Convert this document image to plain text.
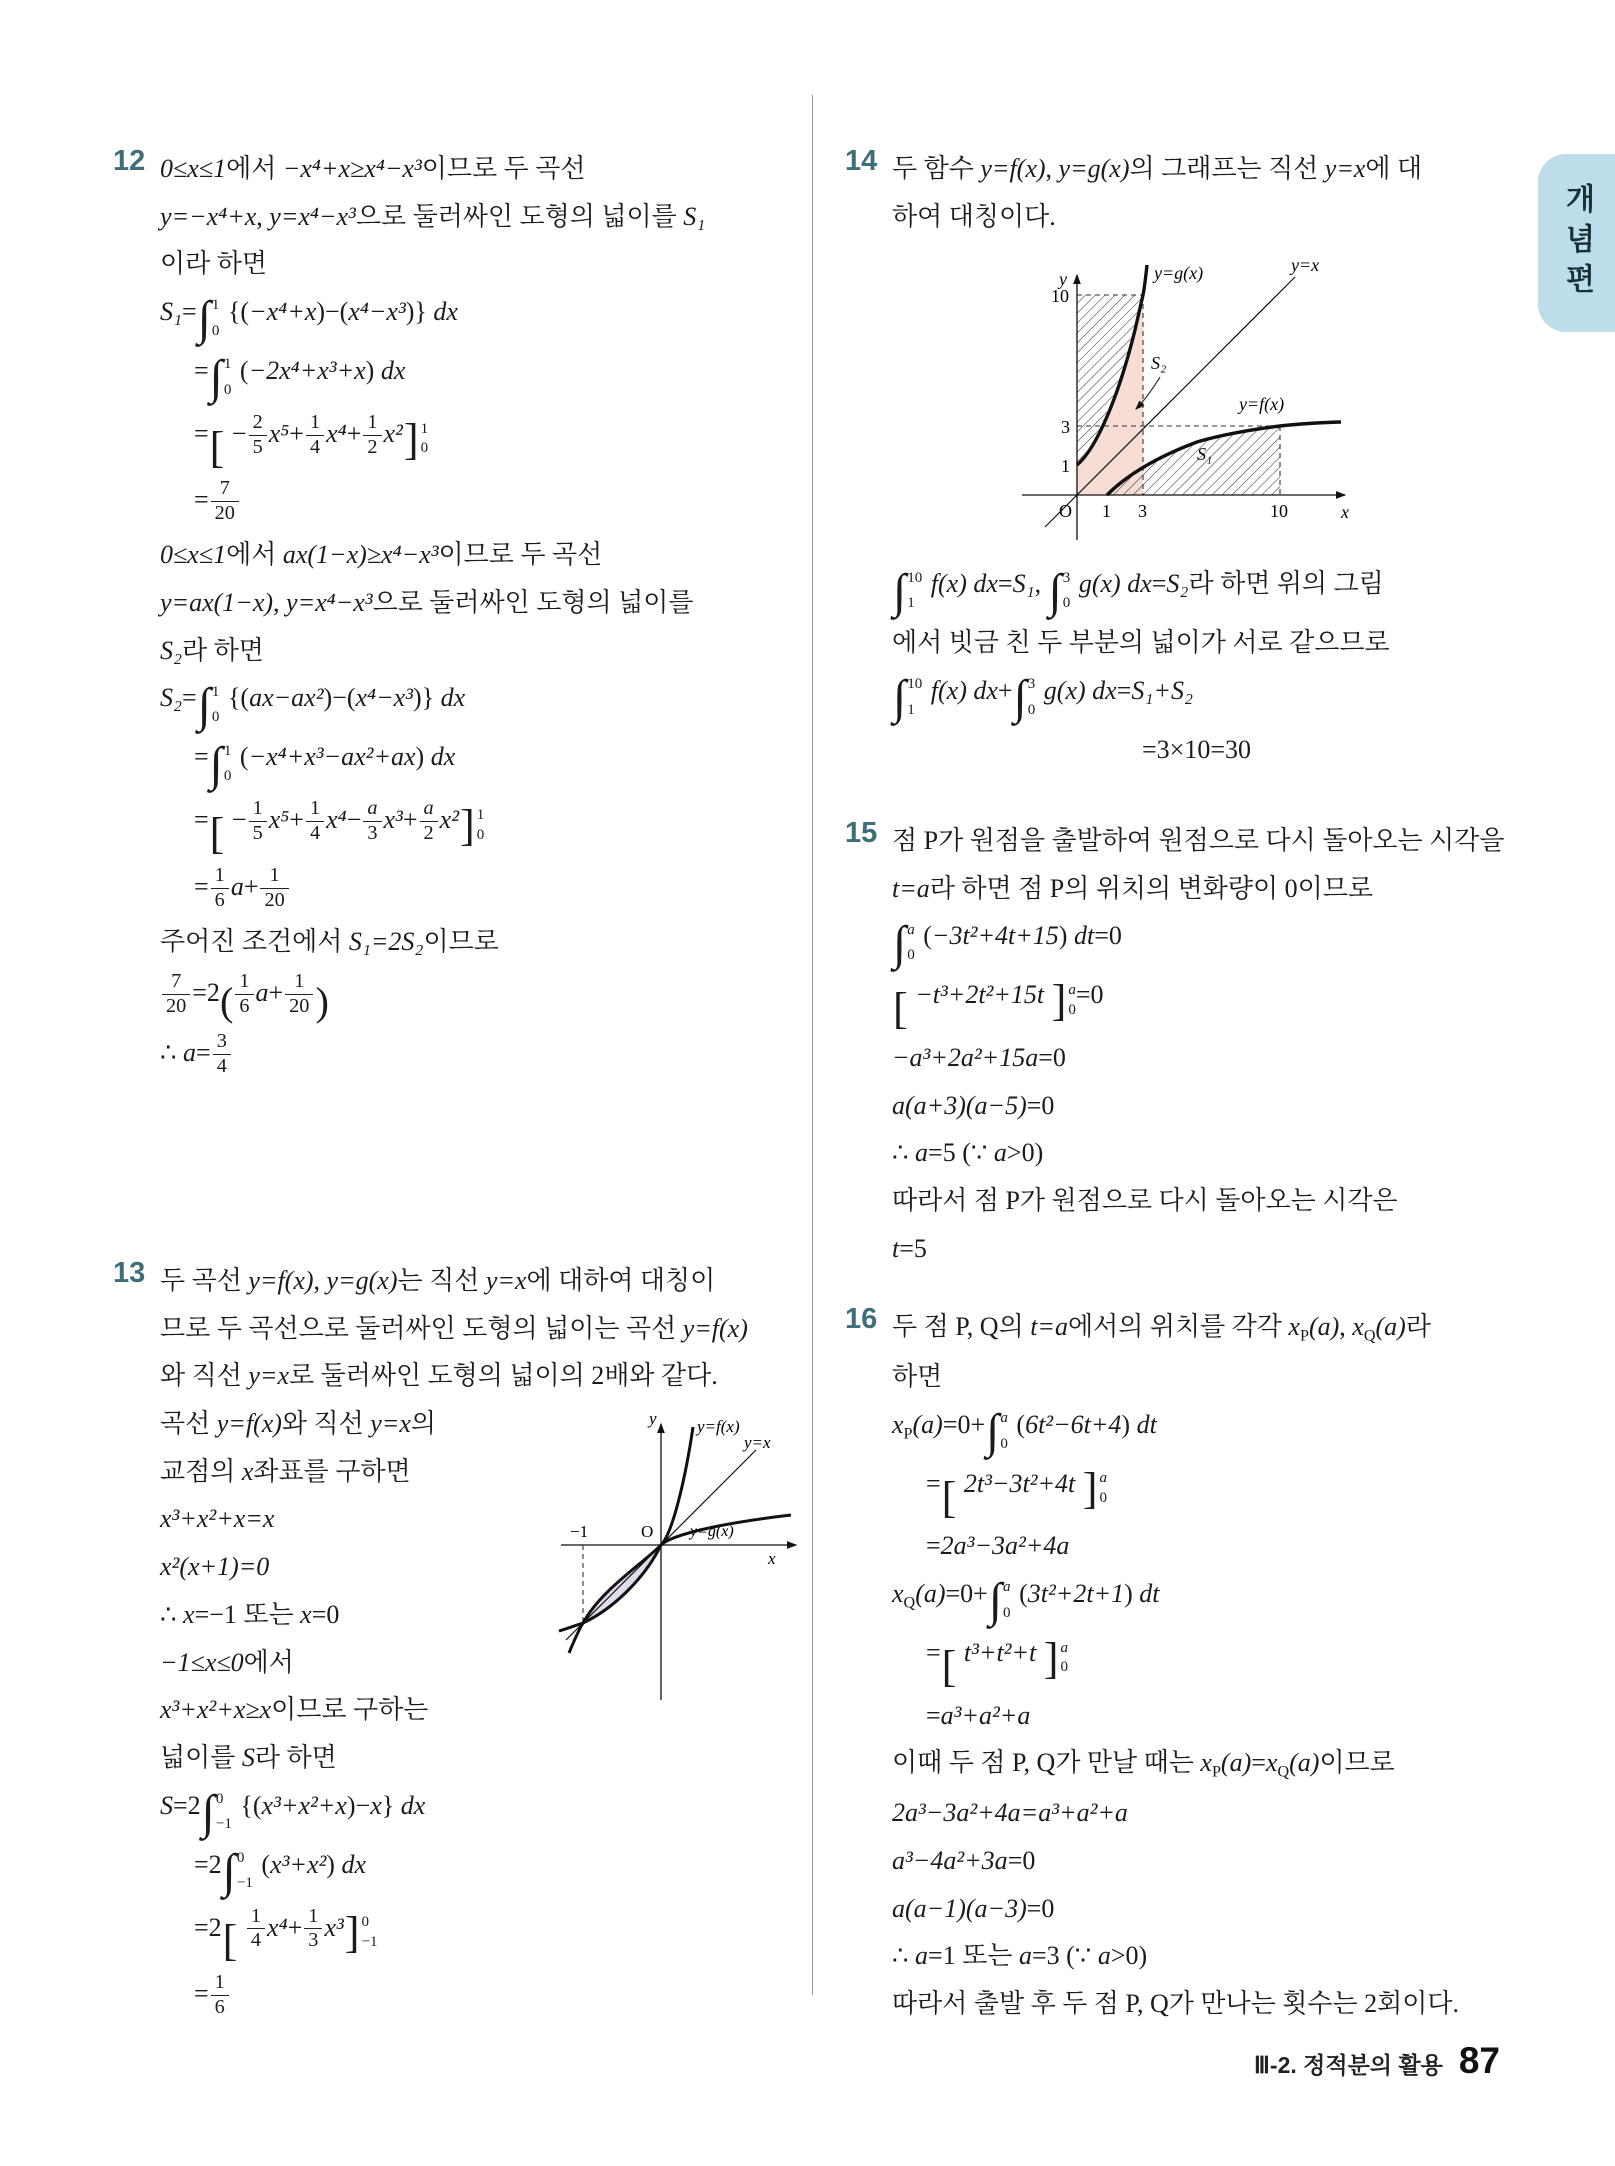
개념편
12 0≤x≤1에서 −x⁴+x≥x⁴−x³이므로 두 곡선
y=−x⁴+x, y=x⁴−x³으로 둘러싸인 도형의 넓이를 S₁
이라 하면
S₁= ∫ 1
0
{(−x⁴+x)−(x⁴−x³)} dx
= ∫ 1
0
(−2x⁴+x³+x) dx
=[ − $\frac{2}{5} x^5+ \frac{1}{4} x^4+ \frac{1}{2} x^2$ ] 1
0
= $\frac{7}{20}$
0≤x≤1에서 ax(1−x)≥x⁴−x³이므로 두 곡선
y=ax(1−x), y=x⁴−x³으로 둘러싸인 도형의 넓이를
S₂라 하면
S₂= ∫ 1
0
{(ax−ax²)−(x⁴−x³)} dx
= ∫ 1
0
(−x⁴+x³−ax²+ax) dx
=[ − $\frac{1}{5} x^5+ \frac{1}{4} x^4- \frac{a}{3} x^3+ \frac{a}{2} x^2$ ] 1
0
= $\frac{1}{6} a+ \frac{1}{20}$
주어진 조건에서 S₁=2S₂이므로
$\frac{7}{20} =2( \frac{1}{6} a+ \frac{1}{20}$ )
∴ $a= \frac{3}{4}$
13 두 곡선 y=f(x), y=g(x)는 직선 y=x에 대하여 대칭이
므로 두 곡선으로 둘러싸인 도형의 넓이는 곡선 y=f(x)
와 직선 y=x로 둘러싸인 도형의 넓이의 2배와 같다.
곡선 y=f(x)와 직선 y=x의
교점의 x좌표를 구하면
x³+x²+x=x
x²(x+1)=0
∴ x=−1 또는 x=0
−1≤x≤0에서
x³+x²+x≥x이므로 구하는
넓이를 S라 하면
S=2 ∫ 0
−1
{(x³+x²+x)−x} dx
=2 ∫ 0
−1
(x³+x²) dx
$=2[ \frac{1}{4} x^4+ \frac{1}{3} x^3$ ] 0
−1
= $\frac{1}{6}$
y=f(x)
y=x
y=g(x)
y
x
O
−1
14 두 함수 y=f(x), y=g(x)의 그래프는 직선 y=x에 대
하여 대칭이다.
y=g(x)	y=x
y=f(x)
S₂
S₁
y
x
O
10
3
1
1 3	10
∫ 10
1
f(x) dx=S₁, ∫ 3
0
g(x) dx=S₂라 하면 위의 그림
에서 빗금 친 두 부분의 넓이가 서로 같으므로
∫ 10
1
f(x) dx+ ∫ 3
0
g(x) dx=S₁+S₂
=3×10=30
15 점 P가 원점을 출발하여 원점으로 다시 돌아오는 시각을
t=a라 하면 점 P의 위치의 변화량이 0이므로
∫ a
0
(−3t²+4t+15) dt=0
[ −t³+2t²+15t ] a
0
=0
−a³+2a²+15a=0
a(a+3)(a−5)=0
∴ a=5 (∵ a>0)
따라서 점 P가 원점으로 다시 돌아오는 시각은
t=5
16 두 점 P, Q의 t=a에서의 위치를 각각 $x_P(a)$, $x_Q(a)$라
하면
$x_P(a)=0+$ ∫ a
0
(6t²−6t+4) dt
=[ 2t³−3t²+4t ] a
0
=2a³−3a²+4a
$x_Q(a)=0+$ ∫ a
0
(3t²+2t+1) dt
=[ t³+t²+t ] a
0
=a³+a²+a
이때 두 점 P, Q가 만날 때는 $x_P(a)=x_Q(a)$이므로
2a³−3a²+4a=a³+a²+a
a³−4a²+3a=0
a(a−1)(a−3)=0
∴ a=1 또는 a=3 (∵ a>0)
따라서 출발 후 두 점 P, Q가 만나는 횟수는 2회이다.
Ⅲ-2. 정적분의 활용 87
